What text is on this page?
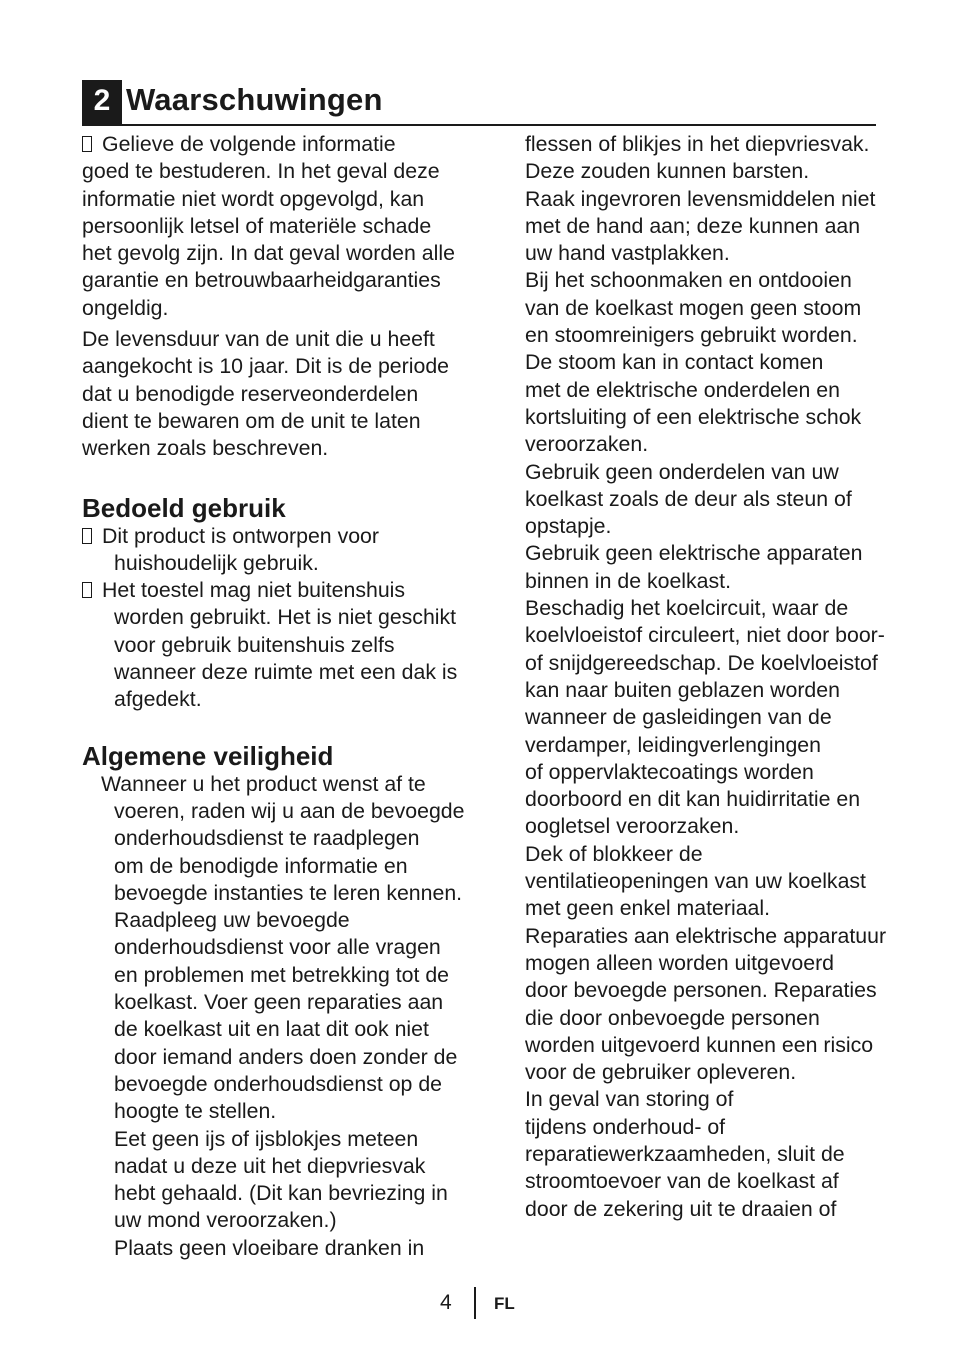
2 Waarschuwingen

Gelieve de volgende informatie
goed te bestuderen. In het geval deze
informatie niet wordt opgevolgd, kan
persoonlijk letsel of materiële schade
het gevolg zijn. In dat geval worden alle
garantie en betrouwbaarheidgaranties
ongeldig.

De levensduur van de unit die u heeft
aangekocht is 10 jaar. Dit is de periode
dat u benodigde reserveonderdelen
dient te bewaren om de unit te laten
werken zoals beschreven.

Bedoeld gebruik

Dit product is ontworpen voor
huishoudelijk gebruik.

Het toestel mag niet buitenshuis
worden gebruikt. Het is niet geschikt
voor gebruik buitenshuis zelfs
wanneer deze ruimte met een dak is
afgedekt.

Algemene veiligheid

Wanneer u het product wenst af te
voeren, raden wij u aan de bevoegde
onderhoudsdienst te raadplegen
om de benodigde informatie en
bevoegde instanties te leren kennen.
Raadpleeg uw bevoegde
onderhoudsdienst voor alle vragen
en problemen met betrekking tot de
koelkast. Voer geen reparaties aan
de koelkast uit en laat dit ook niet
door iemand anders doen zonder de
bevoegde onderhoudsdienst op de
hoogte te stellen.
Eet geen ijs of ijsblokjes meteen
nadat u deze uit het diepvriesvak
hebt gehaald. (Dit kan bevriezing in
uw mond veroorzaken.)
Plaats geen vloeibare dranken in

flessen of blikjes in het diepvriesvak.
Deze zouden kunnen barsten.
Raak ingevroren levensmiddelen niet
met de hand aan; deze kunnen aan
uw hand vastplakken.
Bij het schoonmaken en ontdooien
van de koelkast mogen geen stoom
en stoomreinigers gebruikt worden.
De stoom kan in contact komen
met de elektrische onderdelen en
kortsluiting of een elektrische schok
veroorzaken.
Gebruik geen onderdelen van uw
koelkast zoals de deur als steun of
opstapje.
Gebruik geen elektrische apparaten
binnen in de koelkast.
Beschadig het koelcircuit, waar de
koelvloeistof circuleert, niet door boor-
of snijdgereedschap. De koelvloeistof
kan naar buiten geblazen worden
wanneer de gasleidingen van de
verdamper, leidingverlengingen
of oppervlaktecoatings worden
doorboord en dit kan huidirritatie en
oogletsel veroorzaken.
Dek of blokkeer de
ventilatieopeningen van uw koelkast
met geen enkel materiaal.
Reparaties aan elektrische apparatuur
mogen alleen worden uitgevoerd
door bevoegde personen. Reparaties
die door onbevoegde personen
worden uitgevoerd kunnen een risico
voor de gebruiker opleveren.
In geval van storing of
tijdens onderhoud- of
reparatiewerkzaamheden, sluit de
stroomtoevoer van de koelkast af
door de zekering uit te draaien of

4 FL
